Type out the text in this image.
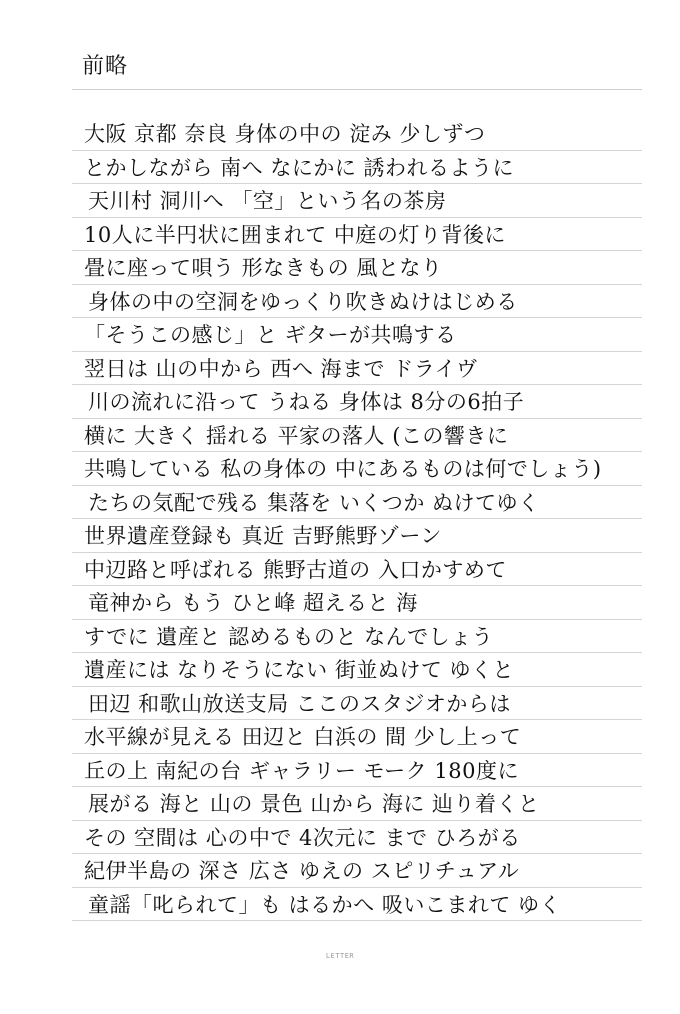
前略
大阪 京都 奈良 身体の中の 淀み 少しずつ
とかしながら 南へ なにかに 誘われるように
天川村 洞川へ 「空」という名の茶房
10人に半円状に囲まれて 中庭の灯り背後に
畳に座って唄う 形なきもの 風となり
身体の中の空洞をゆっくり吹きぬけはじめる
「そうこの感じ」と ギターが共鳴する
翌日は 山の中から 西へ 海まで ドライヴ
川の流れに沿って うねる 身体は 8分の6拍子
横に 大きく 揺れる 平家の落人 (この響きに
共鳴している 私の身体の 中にあるものは何でしょう)
たちの気配で残る 集落を いくつか ぬけてゆく
世界遺産登録も 真近 吉野熊野ゾーン
中辺路と呼ばれる 熊野古道の 入口かすめて
竜神から もう ひと峰 超えると 海
すでに 遺産と 認めるものと なんでしょう
遺産には なりそうにない 街並ぬけて ゆくと
田辺 和歌山放送支局 ここのスタジオからは
水平線が見える 田辺と 白浜の 間 少し上って
丘の上 南紀の台 ギャラリー モーク 180度に
展がる 海と 山の 景色 山から 海に 辿り着くと
その 空間は 心の中で 4次元に まで ひろがる
紀伊半島の 深さ 広さ ゆえの スピリチュアル
童謡「叱られて」も はるかへ 吸いこまれて ゆく
LETTER
